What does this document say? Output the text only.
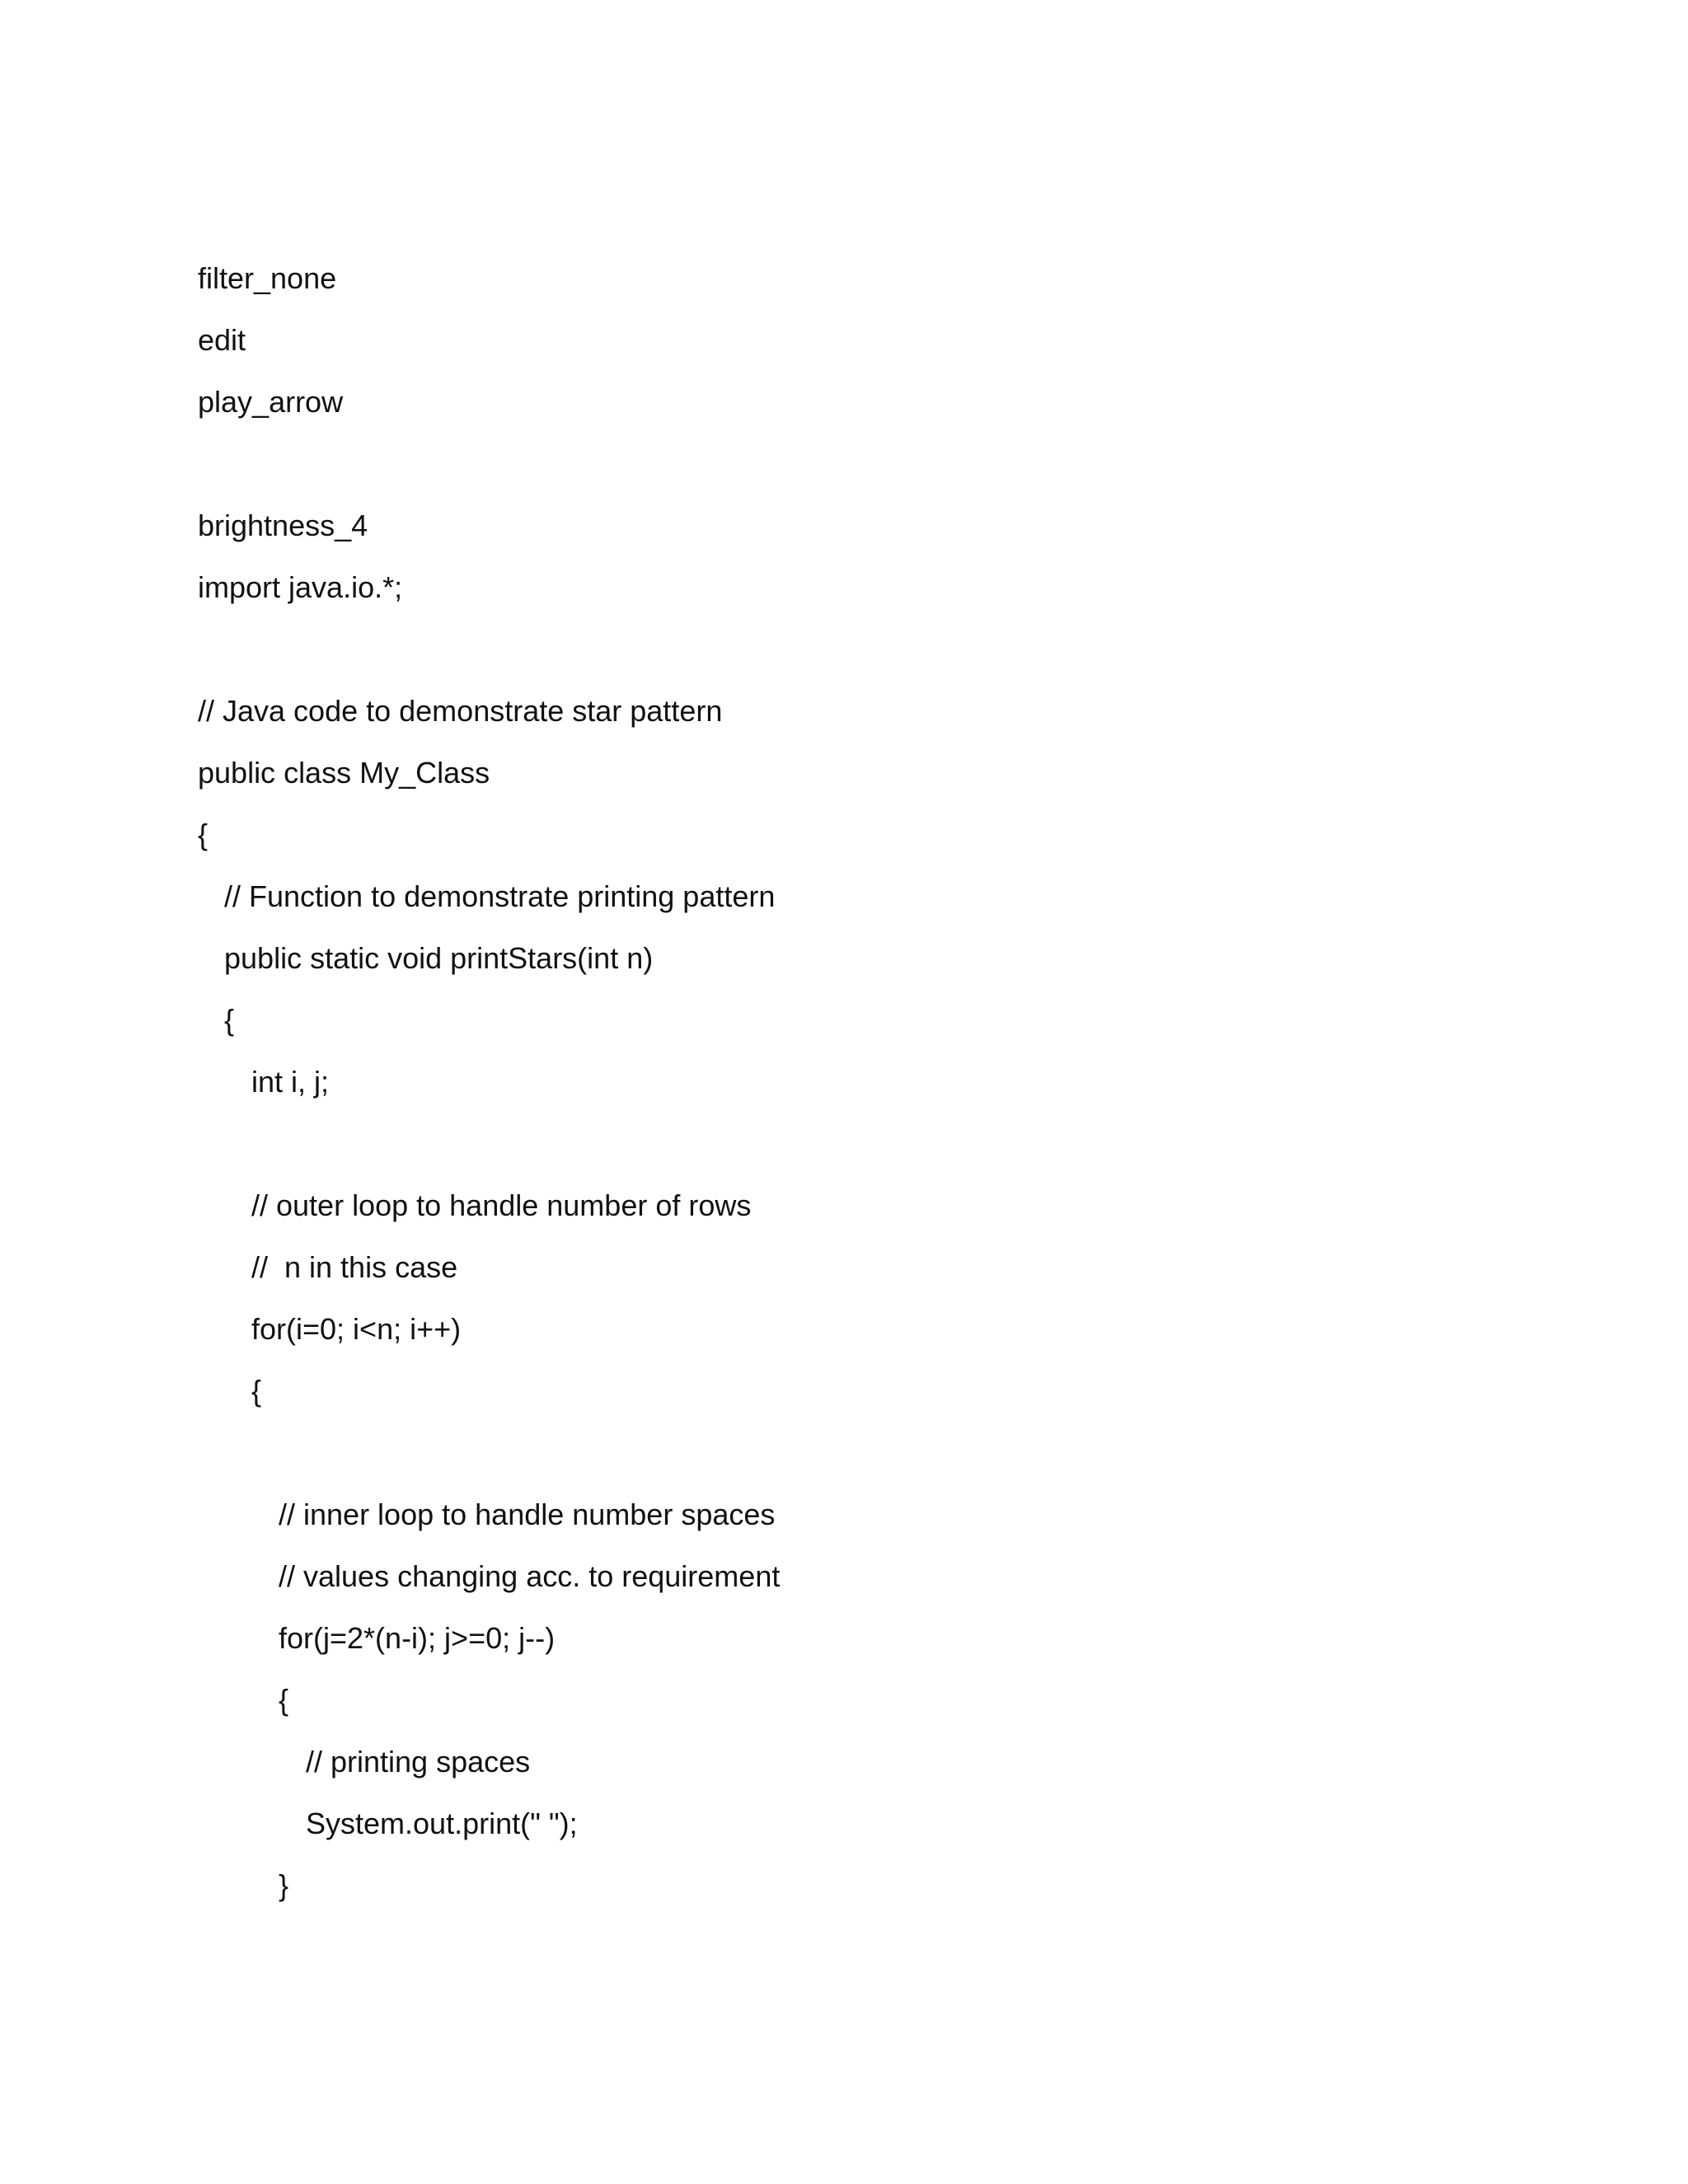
filter_none
edit
play_arrow
brightness_4
import java.io.*;
// Java code to demonstrate star pattern
public class My_Class
{
// Function to demonstrate printing pattern
public static void printStars(int n)
{
int i, j;
// outer loop to handle number of rows
//  n in this case
for(i=0; i<n; i++)
{
// inner loop to handle number spaces
// values changing acc. to requirement
for(j=2*(n-i); j>=0; j--)
{
// printing spaces
System.out.print(" ");
}
